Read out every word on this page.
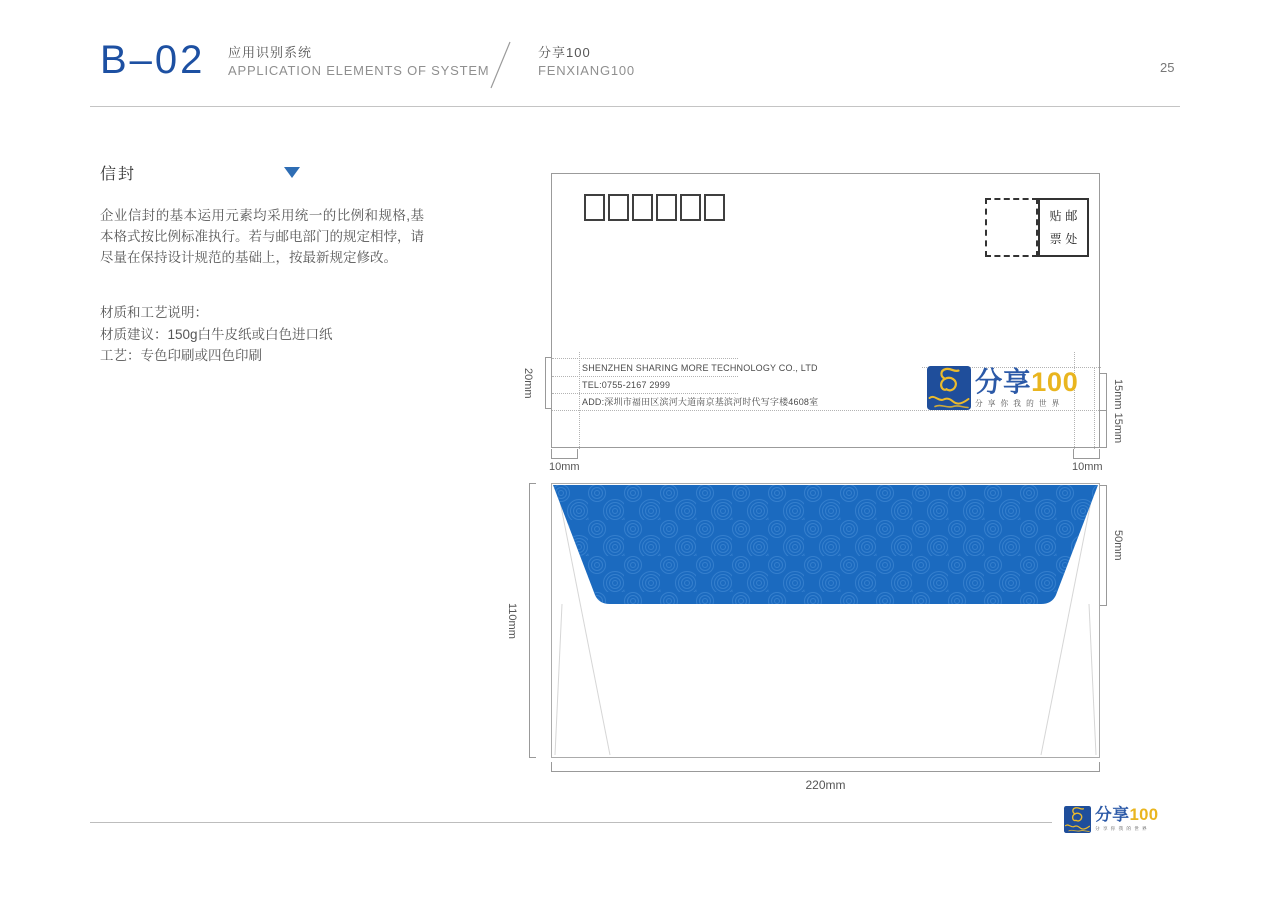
B–02 应用识别系统
APPLICATION ELEMENTS OF SYSTEM
分享100
FENXIANG100	25
信封
企业信封的基本运用元素均采用统一的比例和规格,基本格式按比例标准执行。若与邮电部门的规定相悖，请尽量在保持设计规范的基础上，按最新规定修改。
材质和工艺说明：
材质建议：150g白牛皮纸或白色进口纸
工艺：专色印刷或四色印刷
贴 邮
票 处
SHENZHEN SHARING MORE TECHNOLOGY CO., LTD
TEL:0755-2167 2999
ADD:深圳市福田区滨河大道南京基滨河时代写字楼4608室
分享 100
分享你我的世界
20mm
10mm	10mm
15mm 15mm
110mm
50mm
220mm
分享 100
分享你我的世界
